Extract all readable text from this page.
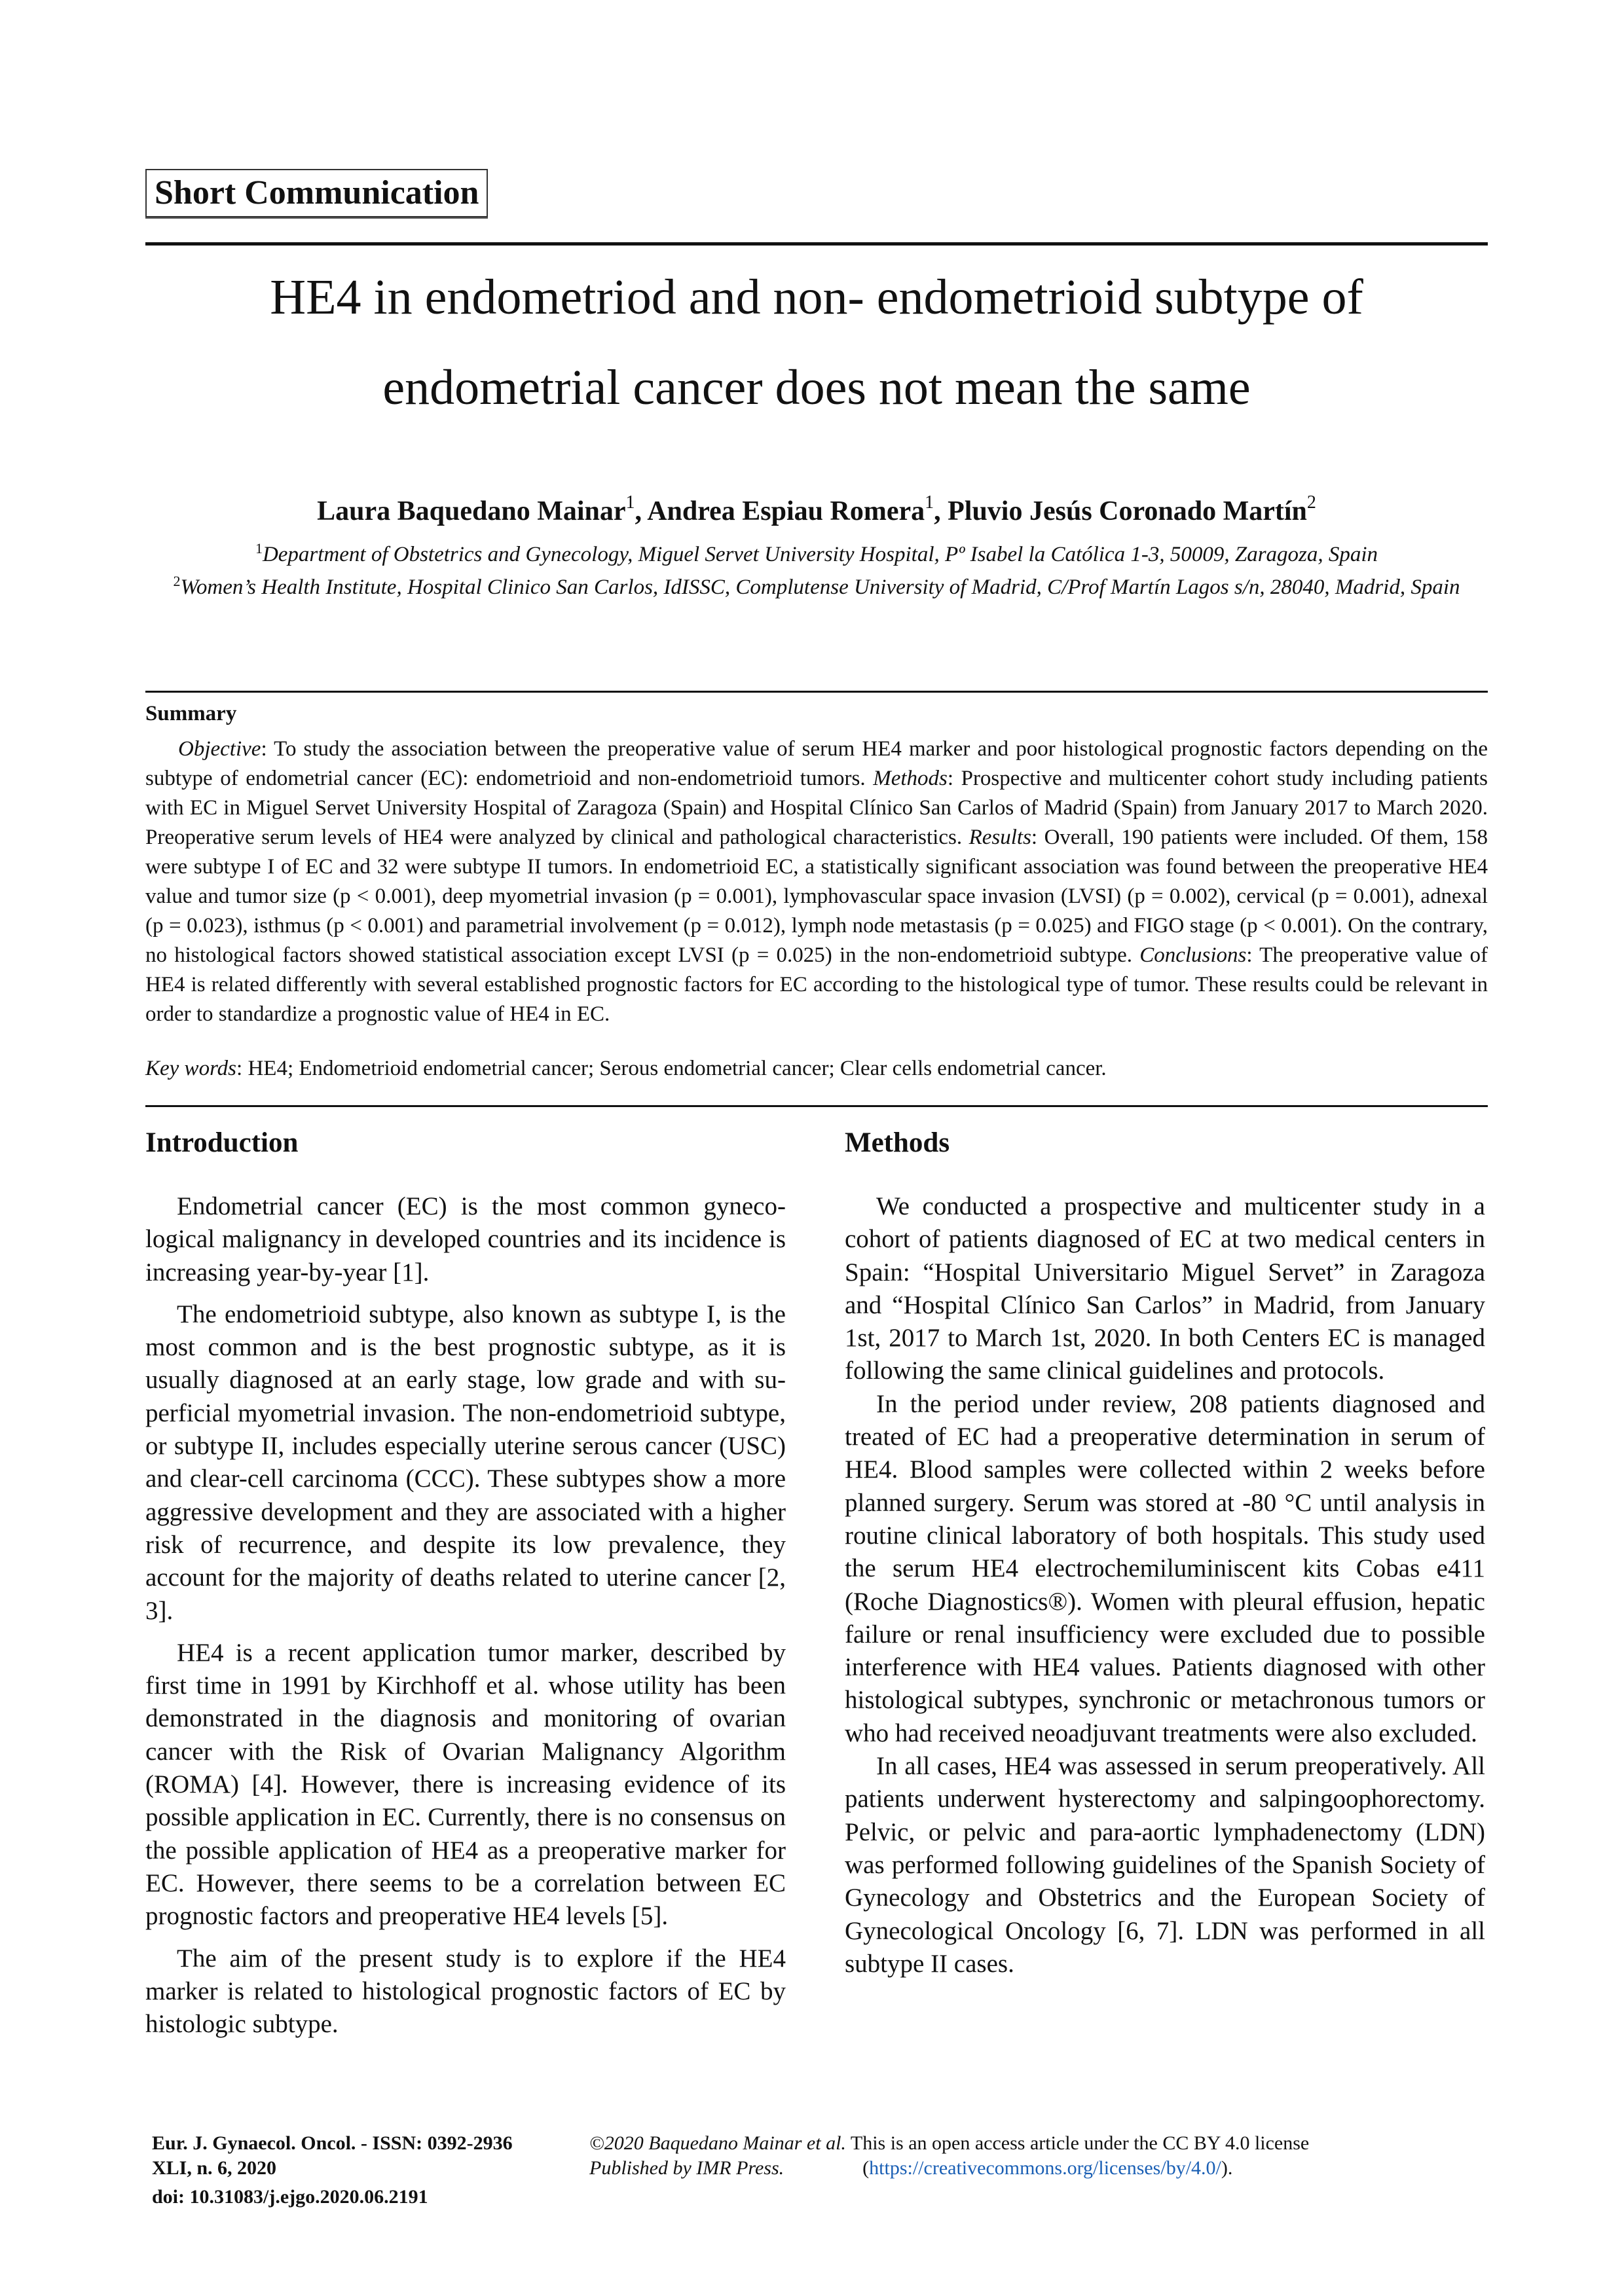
Short Communication
HE4 in endometriod and non- endometrioid subtype of
endometrial cancer does not mean the same
Laura Baquedano Mainar$^1$, Andrea Espiau Romera$^1$, Pluvio Jesús Coronado Martín$^2$
$^1$Department of Obstetrics and Gynecology, Miguel Servet University Hospital, Pº Isabel la Católica 1-3, 50009, Zaragoza, Spain
$^2$Women’s Health Institute, Hospital Clinico San Carlos, IdISSC, Complutense University of Madrid, C/Prof Martín Lagos s/n, 28040, Madrid, Spain
Summary
Objective: To study the association between the preoperative value of serum HE4 marker and poor histological prognostic factors depending on the subtype of endometrial cancer (EC): endometrioid and non-endometrioid tumors. Methods: Prospective and multicenter cohort study including patients with EC in Miguel Servet University Hospital of Zaragoza (Spain) and Hospital Clínico San Carlos of Madrid (Spain) from January 2017 to March 2020. Preoperative serum levels of HE4 were analyzed by clinical and pathological characteristics. Results: Overall, 190 patients were included. Of them, 158 were subtype I of EC and 32 were subtype II tumors. In endometrioid EC, a statistically significant association was found between the preoperative HE4 value and tumor size (p < 0.001), deep myometrial invasion (p = 0.001), lymphovascular space invasion (LVSI) (p = 0.002), cervical (p = 0.001), adnexal (p = 0.023), isthmus (p < 0.001) and parametrial involvement (p = 0.012), lymph node metastasis (p = 0.025) and FIGO stage (p < 0.001). On the contrary, no histological factors showed statistical association except LVSI (p = 0.025) in the non-endometrioid subtype. Conclusions: The preoperative value of HE4 is related differently with several established prognostic factors for EC according to the histological type of tumor. These results could be relevant in order to standardize a prognostic value of HE4 in EC.
Key words: HE4; Endometrioid endometrial cancer; Serous endometrial cancer; Clear cells endometrial cancer.
Introduction

Endometrial cancer (EC) is the most common gynecological malignancy in developed countries and its incidence is increasing year-by-year [1].

The endometrioid subtype, also known as subtype I, is the most common and is the best prognostic subtype, as it is usually diagnosed at an early stage, low grade and with superficial myometrial invasion. The non-endometrioid subtype, or subtype II, includes especially uterine serous cancer (USC) and clear-cell carcinoma (CCC). These subtypes show a more aggressive development and they are associated with a higher risk of recurrence, and despite its low prevalence, they account for the majority of deaths related to uterine cancer [2, 3].

HE4 is a recent application tumor marker, described by first time in 1991 by Kirchhoff et al. whose utility has been demonstrated in the diagnosis and monitoring of ovarian cancer with the Risk of Ovarian Malignancy Algorithm (ROMA) [4]. However, there is increasing evidence of its possible application in EC. Currently, there is no consensus on the possible application of HE4 as a preoperative marker for EC. However, there seems to be a correlation between EC prognostic factors and preoperative HE4 levels [5].

The aim of the present study is to explore if the HE4 marker is related to histological prognostic factors of EC by histologic subtype.

Methods

We conducted a prospective and multicenter study in a cohort of patients diagnosed of EC at two medical centers in Spain: “Hospital Universitario Miguel Servet” in Zaragoza and “Hospital Clínico San Carlos” in Madrid, from January 1st, 2017 to March 1st, 2020. In both Centers EC is managed following the same clinical guidelines and protocols.

In the period under review, 208 patients diagnosed and treated of EC had a preoperative determination in serum of HE4. Blood samples were collected within 2 weeks before planned surgery. Serum was stored at -80 °C until analysis in routine clinical laboratory of both hospitals. This study used the serum HE4 electrochemiluminiscent kits Cobas e411 (Roche Diagnostics®). Women with pleural effusion, hepatic failure or renal insufficiency were excluded due to possible interference with HE4 values. Patients diagnosed with other histological subtypes, synchronic or metachronous tumors or who had received neoadjuvant treatments were also excluded.

In all cases, HE4 was assessed in serum preoperatively. All patients underwent hysterectomy and salpingoophorectomy. Pelvic, or pelvic and para-aortic lymphadenectomy (LDN) was performed following guidelines of the Spanish Society of Gynecology and Obstetrics and the European Society of Gynecological Oncology [6, 7]. LDN was performed in all subtype II cases.

Eur. J. Gynaecol. Oncol. - ISSN: 0392-2936
XLI, n. 6, 2020
doi: 10.31083/j.ejgo.2020.06.2191
©2020 Baquedano Mainar et al. This is an open access article under the CC BY 4.0 license
Published by IMR Press.	(https://creativecommons.org/licenses/by/4.0/).
